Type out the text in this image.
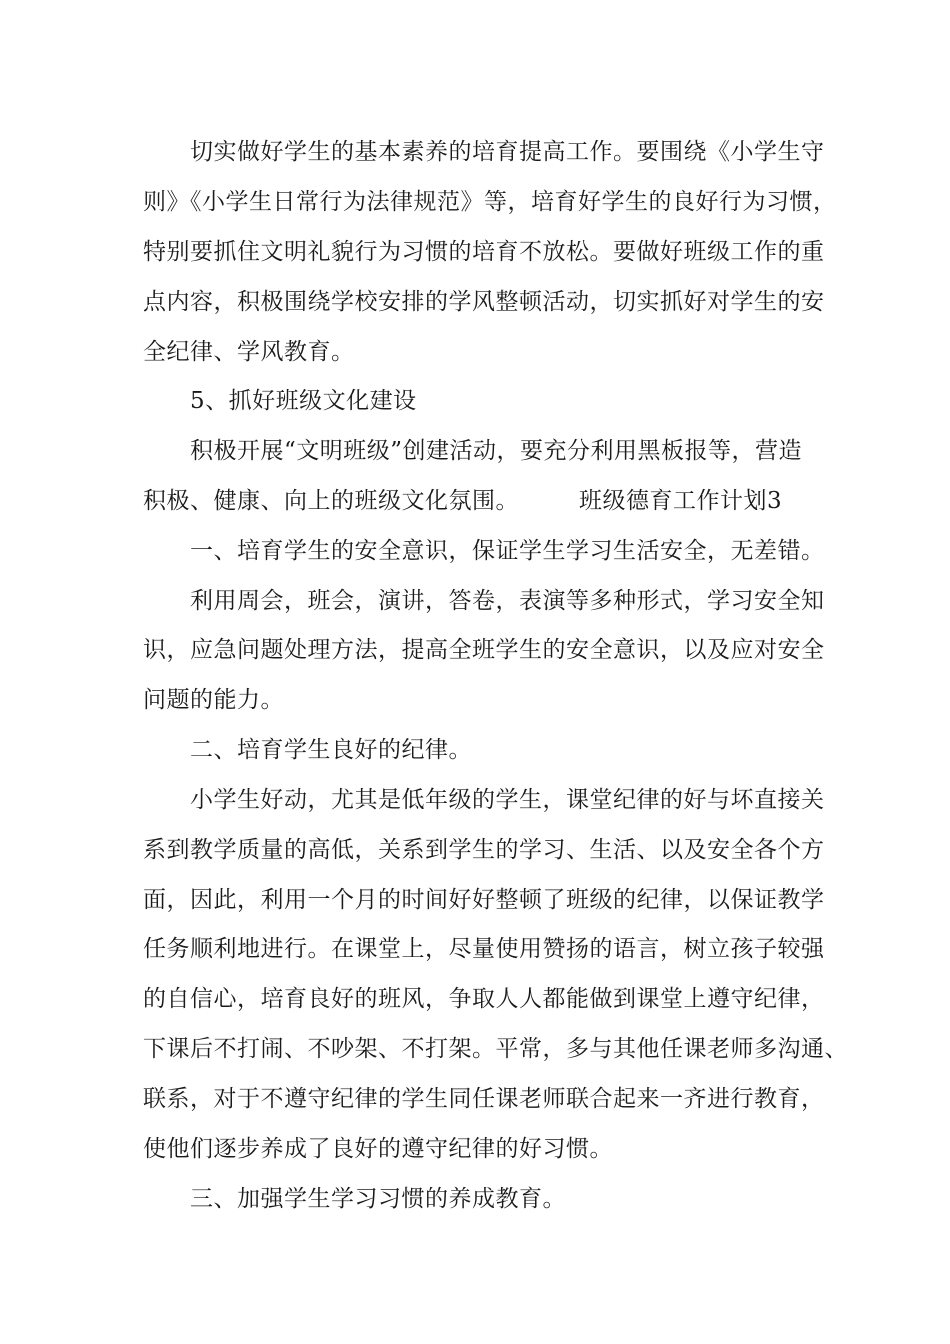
切实做好学生的基本素养的培育提高工作。要围绕《小学生守
则》《小学生日常行为法律规范》等，培育好学生的良好行为习惯，
特别要抓住文明礼貌行为习惯的培育不放松。要做好班级工作的重
点内容，积极围绕学校安排的学风整顿活动，切实抓好对学生的安
全纪律、学风教育。
5、抓好班级文化建设
积极开展“文明班级”创建活动，要充分利用黑板报等，营造
积极、健康、向上的班级文化氛围。	班级德育工作计划3
一、培育学生的安全意识，保证学生学习生活安全，无差错。
利用周会，班会，演讲，答卷，表演等多种形式，学习安全知
识，应急问题处理方法，提高全班学生的安全意识，以及应对安全
问题的能力。
二、培育学生良好的纪律。
小学生好动，尤其是低年级的学生，课堂纪律的好与坏直接关
系到教学质量的高低，关系到学生的学习、生活、以及安全各个方
面，因此，利用一个月的时间好好整顿了班级的纪律，以保证教学
任务顺利地进行。在课堂上，尽量使用赞扬的语言，树立孩子较强
的自信心，培育良好的班风，争取人人都能做到课堂上遵守纪律，
下课后不打闹、不吵架、不打架。平常，多与其他任课老师多沟通、
联系，对于不遵守纪律的学生同任课老师联合起来一齐进行教育，
使他们逐步养成了良好的遵守纪律的好习惯。
三、加强学生学习习惯的养成教育。
